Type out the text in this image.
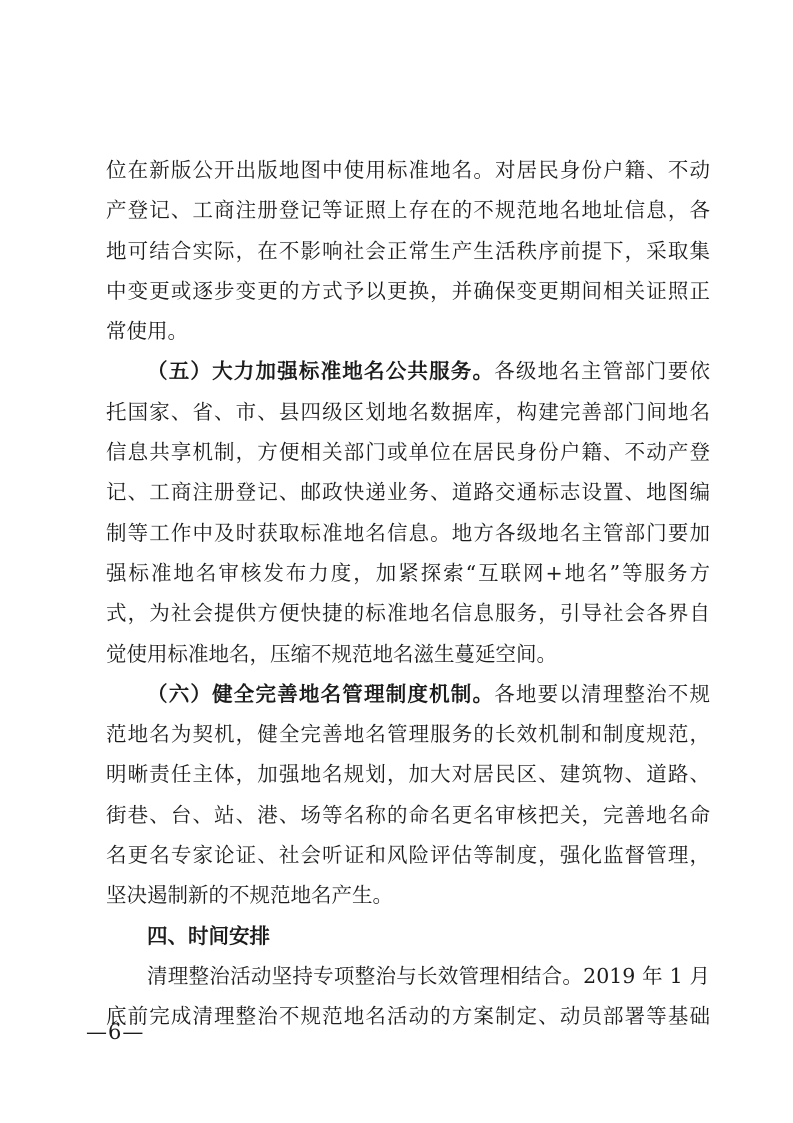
位在新版公开出版地图中使用标准地名。对居民身份户籍、不动
产登记、工商注册登记等证照上存在的不规范地名地址信息，各
地可结合实际，在不影响社会正常生产生活秩序前提下，采取集
中变更或逐步变更的方式予以更换，并确保变更期间相关证照正
常使用。
（五）大力加强标准地名公共服务。各级地名主管部门要依
托国家、省、市、县四级区划地名数据库，构建完善部门间地名
信息共享机制，方便相关部门或单位在居民身份户籍、不动产登
记、工商注册登记、邮政快递业务、道路交通标志设置、地图编
制等工作中及时获取标准地名信息。地方各级地名主管部门要加
强标准地名审核发布力度，加紧探索“互联网+地名”等服务方
式，为社会提供方便快捷的标准地名信息服务，引导社会各界自
觉使用标准地名，压缩不规范地名滋生蔓延空间。
（六）健全完善地名管理制度机制。各地要以清理整治不规
范地名为契机，健全完善地名管理服务的长效机制和制度规范，
明晰责任主体，加强地名规划，加大对居民区、建筑物、道路、
街巷、台、站、港、场等名称的命名更名审核把关，完善地名命
名更名专家论证、社会听证和风险评估等制度，强化监督管理，
坚决遏制新的不规范地名产生。
四、时间安排
清理整治活动坚持专项整治与长效管理相结合。2019 年 1 月
底前完成清理整治不规范地名活动的方案制定、动员部署等基础
—6—
